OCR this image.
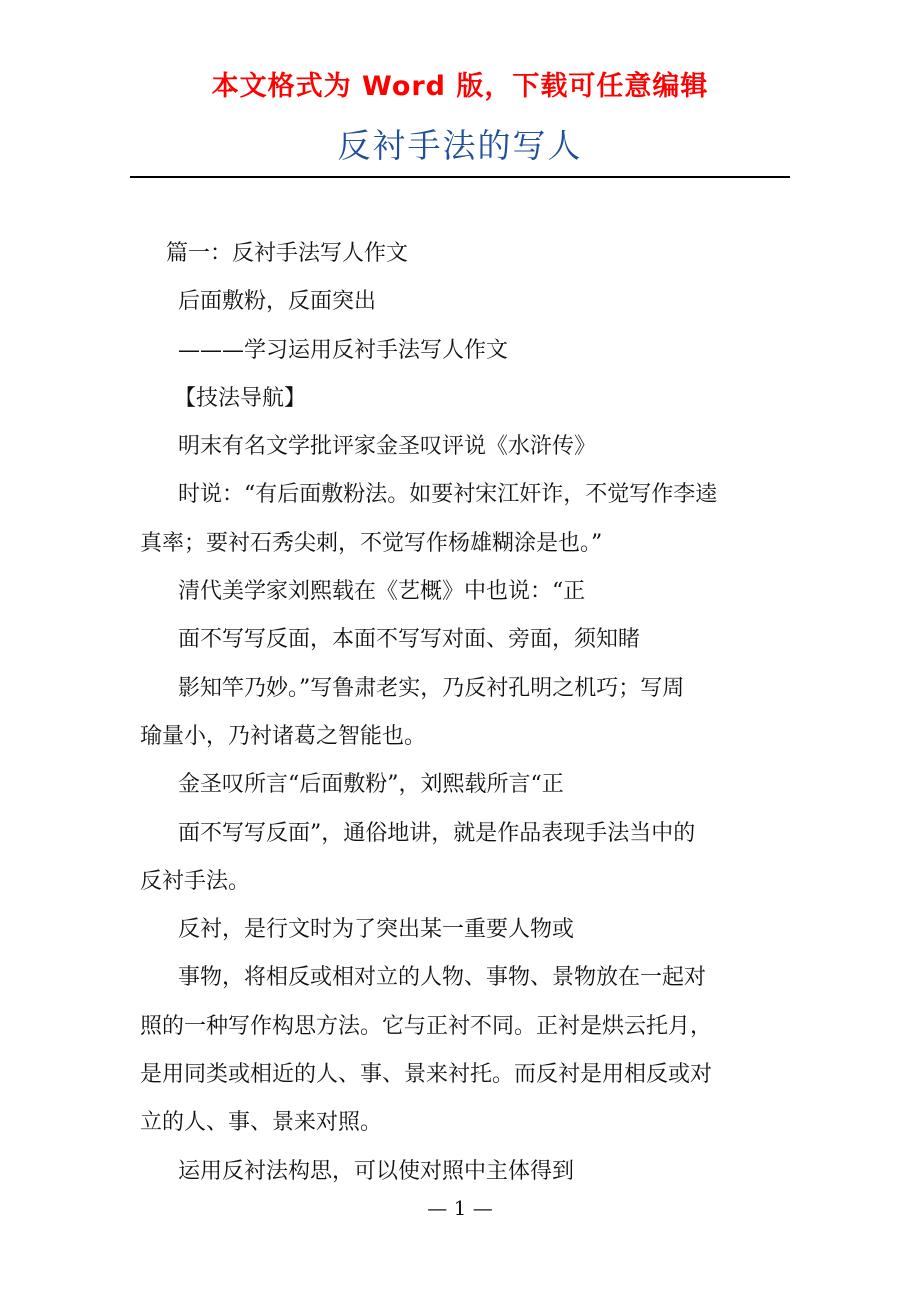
本文格式为 Word 版，下载可任意编辑
反衬手法的写人
篇一：反衬手法写人作文
后面敷粉，反面突出
———学习运用反衬手法写人作文
【技法导航】
明末有名文学批评家金圣叹评说《水浒传》
时说：“有后面敷粉法。如要衬宋江奸诈，不觉写作李逵
真率；要衬石秀尖刺，不觉写作杨雄糊涂是也。”
清代美学家刘熙载在《艺概》中也说：“正
面不写写反面，本面不写写对面、旁面，须知睹
影知竿乃妙。”写鲁肃老实，乃反衬孔明之机巧；写周
瑜量小，乃衬诸葛之智能也。
金圣叹所言“后面敷粉”，刘熙载所言“正
面不写写反面”，通俗地讲，就是作品表现手法当中的
反衬手法。
反衬，是行文时为了突出某一重要人物或
事物，将相反或相对立的人物、事物、景物放在一起对
照的一种写作构思方法。它与正衬不同。正衬是烘云托月，
是用同类或相近的人、事、景来衬托。而反衬是用相反或对
立的人、事、景来对照。
运用反衬法构思，可以使对照中主体得到
— 1 —
